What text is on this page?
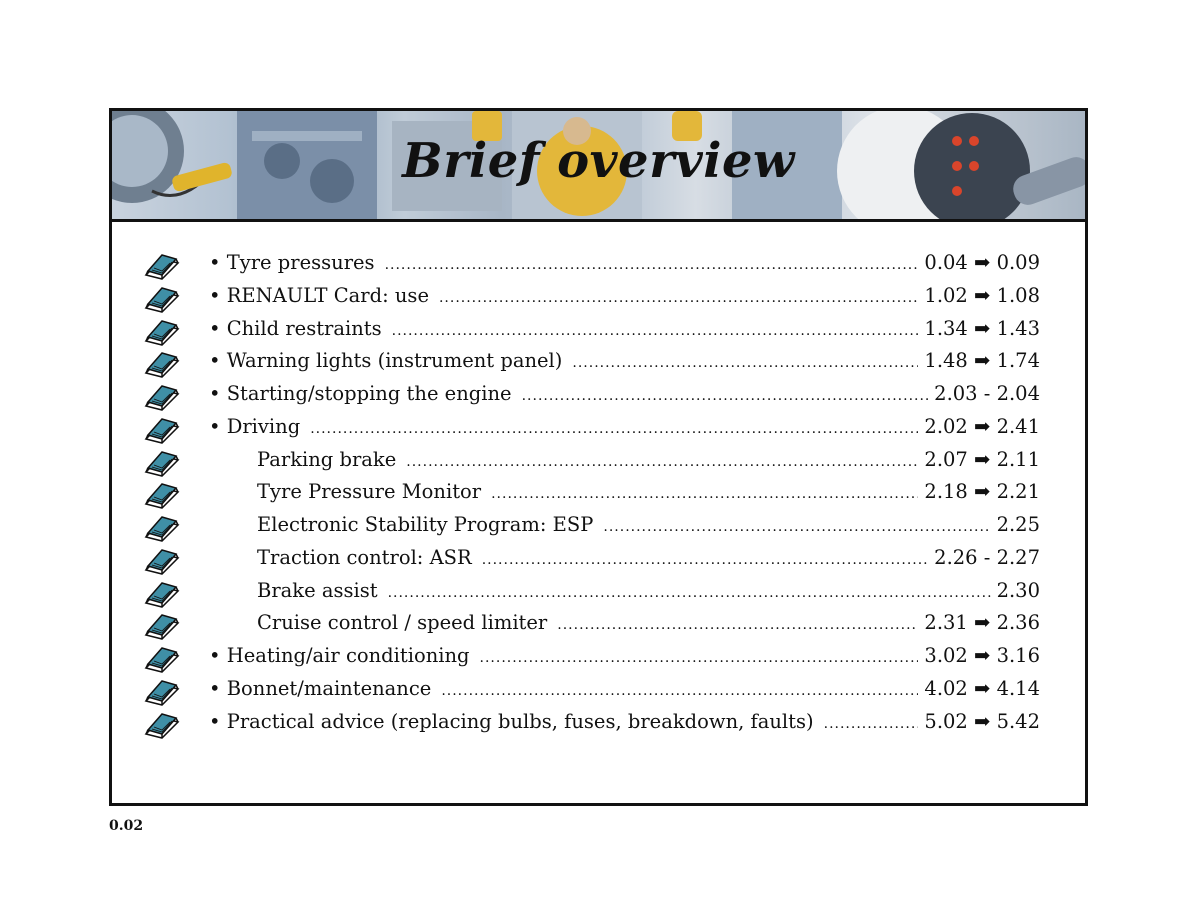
Brief overview
• Tyre pressures .....	0.04 ➡ 0.09
• RENAULT Card: use .....	1.02 ➡ 1.08
• Child restraints .....	1.34 ➡ 1.43
• Warning lights (instrument panel) .....	1.48 ➡ 1.74
• Starting/stopping the engine .....	2.03 - 2.04
• Driving .....	2.02 ➡ 2.41
Parking brake .....	2.07 ➡ 2.11
Tyre Pressure Monitor .....	2.18 ➡ 2.21
Electronic Stability Program: ESP .....	2.25
Traction control: ASR .....	2.26 - 2.27
Brake assist .....	2.30
Cruise control / speed limiter .....	2.31 ➡ 2.36
• Heating/air conditioning .....	3.02 ➡ 3.16
• Bonnet/maintenance .....	4.02 ➡ 4.14
• Practical advice (replacing bulbs, fuses, breakdown, faults) .....	5.02 ➡ 5.42
0.02
